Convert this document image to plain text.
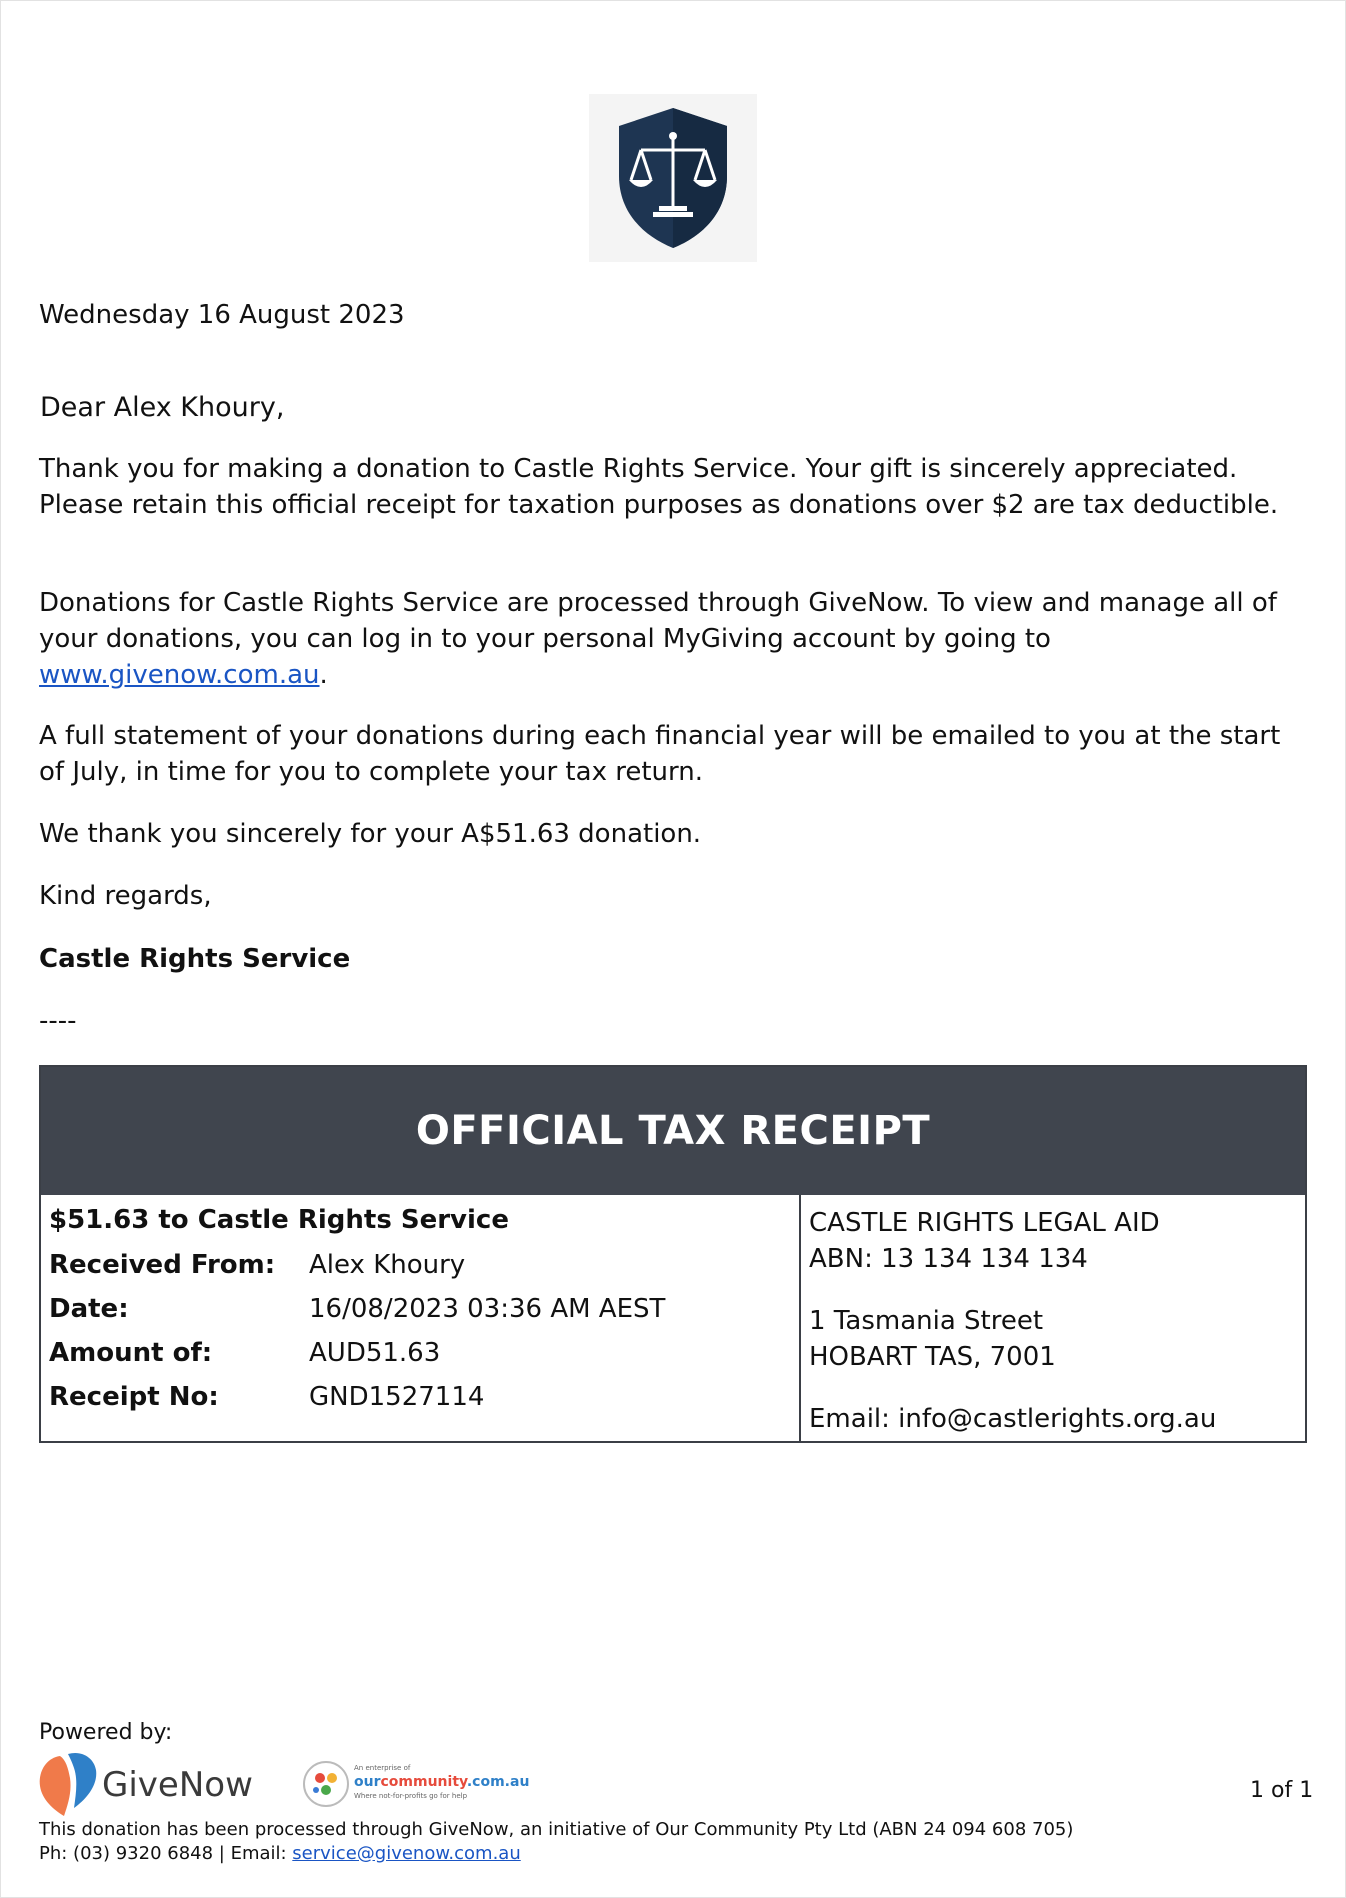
Wednesday 16 August 2023
Dear Alex Khoury,

Thank you for making a donation to Castle Rights Service. Your gift is sincerely appreciated. Please retain this official receipt for taxation purposes as donations over $2 are tax deductible.

Donations for Castle Rights Service are processed through GiveNow. To view and manage all of your donations, you can log in to your personal MyGiving account by going to www.givenow.com.au.

A full statement of your donations during each financial year will be emailed to you at the start of July, in time for you to complete your tax return.

We thank you sincerely for your A$51.63 donation.

Kind regards,

Castle Rights Service

----
OFFICIAL TAX RECEIPT
$51.63 to Castle Rights Service
Received From:	Alex Khoury
Date:	16/08/2023 03:36 AM AEST
Amount of:	AUD51.63
Receipt No:	GND1527114
CASTLE RIGHTS LEGAL AID
ABN: 13 134 134 134
1 Tasmania Street
HOBART TAS, 7001
Email: info@castlerights.org.au
Powered by:
GiveNow	An enterprise of
ourcommunity.com.au
Where not-for-profits go for help	1 of 1
This donation has been processed through GiveNow, an initiative of Our Community Pty Ltd (ABN 24 094 608 705)
Ph: (03) 9320 6848 | Email: service@givenow.com.au
